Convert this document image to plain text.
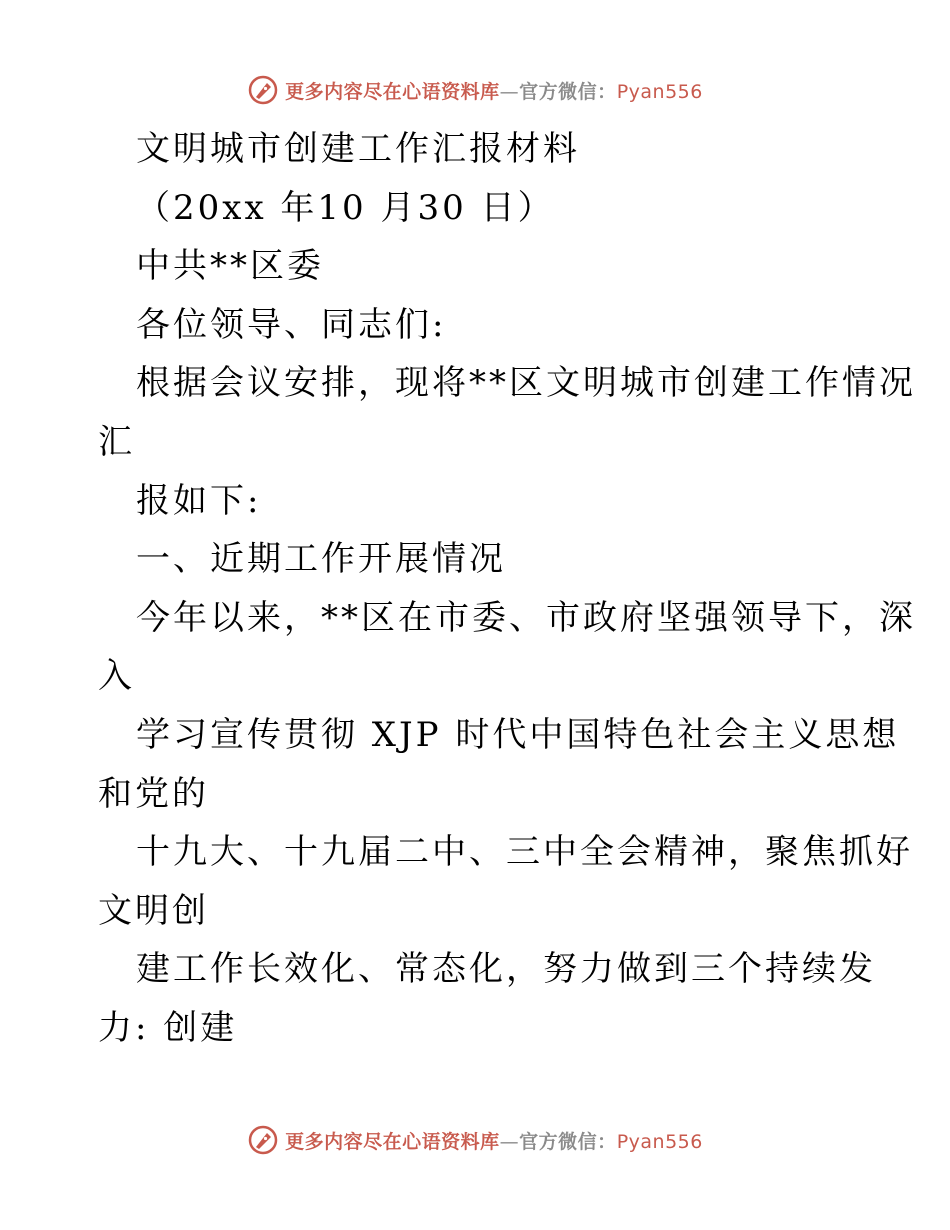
更多内容尽在心语资料库—官方微信：Pyan556
文明城市创建工作汇报材料
（20xx 年10 月30 日）
中共**区委
各位领导、同志们:
根据会议安排，现将**区文明城市创建工作情况
汇
报如下:
一、近期工作开展情况
今年以来，**区在市委、市政府坚强领导下，深
入
学习宣传贯彻 XJP 时代中国特色社会主义思想
和党的
十九大、十九届二中、三中全会精神，聚焦抓好
文明创
建工作长效化、常态化，努力做到三个持续发
力: 创建
更多内容尽在心语资料库—官方微信：Pyan556
